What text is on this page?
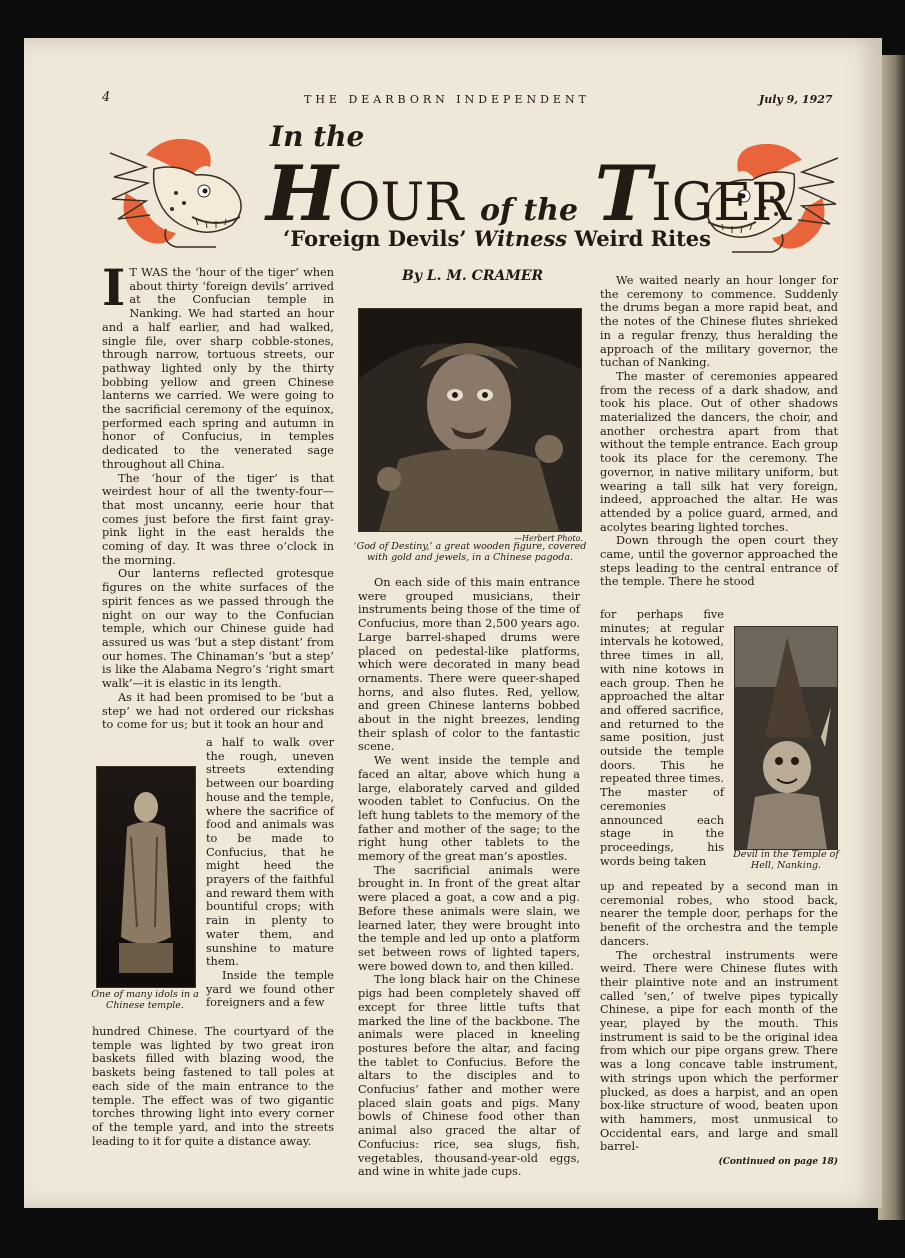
4	THE DEARBORN INDEPENDENT	July 9, 1927
In the
HOUR of the TIGER
‘Foreign Devils’ Witness Weird Rites
By L. M. CRAMER

I T WAS the ‘hour of the tiger’ when about thirty ‘foreign devils’ arrived at the Confucian temple in Nanking. We had started an hour and a half earlier, and had walked, single file, over sharp cobble-stones, through narrow, tortuous streets, our pathway lighted only by the thirty bobbing yellow and green Chinese lanterns we carried. We were going to the sacrificial ceremony of the equinox, performed each spring and autumn in honor of Confucius, in temples dedicated to the venerated sage throughout all China.

The ‘hour of the tiger’ is that weirdest hour of all the twenty-four—that most uncanny, eerie hour that comes just before the first faint gray-pink light in the east heralds the coming of day. It was three o’clock in the morning.

Our lanterns reflected grotesque figures on the white surfaces of the spirit fences as we passed through the night on our way to the Confucian temple, which our Chinese guide had assured us was ‘but a step distant’ from our homes. The Chinaman’s ‘but a step’ is like the Alabama Negro’s ‘right smart walk’—it is elastic in its length.

As it had been promised to be ‘but a step’ we had not ordered our rickshas to come for us; but it took an hour and

One of many idols in a Chinese temple.

a half to walk over the rough, uneven streets extending between our boarding house and the temple, where the sacrifice of food and animals was to be made to Confucius, that he might heed the prayers of the faithful and reward them with bountiful crops; with rain in plenty to water them, and sunshine to mature them.

Inside the temple yard we found other foreigners and a few

hundred Chinese. The courtyard of the temple was lighted by two great iron baskets filled with blazing wood, the baskets being fastened to tall poles at each side of the main entrance to the temple. The effect was of two gigantic torches throwing light into every corner of the temple yard, and into the streets leading to it for quite a distance away.

—Herbert Photo.
‘God of Destiny,’ a great wooden figure, covered with gold and jewels, in a Chinese pagoda.

On each side of this main entrance were grouped musicians, their instruments being those of the time of Confucius, more than 2,500 years ago. Large barrel-shaped drums were placed on pedestal-like platforms, which were decorated in many bead ornaments. There were queer-shaped horns, and also flutes. Red, yellow, and green Chinese lanterns bobbed about in the night breezes, lending their splash of color to the fantastic scene.

We went inside the temple and faced an altar, above which hung a large, elaborately carved and gilded wooden tablet to Confucius. On the left hung tablets to the memory of the father and mother of the sage; to the right hung other tablets to the memory of the great man’s apostles.

The sacrificial animals were brought in. In front of the great altar were placed a goat, a cow and a pig. Before these animals were slain, we learned later, they were brought into the temple and led up onto a platform set between rows of lighted tapers, were bowed down to, and then killed.

The long black hair on the Chinese pigs had been completely shaved off except for three little tufts that marked the line of the backbone. The animals were placed in kneeling postures before the altar, and facing the tablet to Confucius. Before the altars to the disciples and to Confucius’ father and mother were placed slain goats and pigs. Many bowls of Chinese food other than animal also graced the altar of Confucius: rice, sea slugs, fish, vegetables, thousand-year-old eggs, and wine in white jade cups.

We waited nearly an hour longer for the ceremony to commence. Suddenly the drums began a more rapid beat, and the notes of the Chinese flutes shrieked in a regular frenzy, thus heralding the approach of the military governor, the tuchan of Nanking.

The master of ceremonies appeared from the recess of a dark shadow, and took his place. Out of other shadows materialized the dancers, the choir, and another orchestra apart from that without the temple entrance. Each group took its place for the ceremony. The governor, in native military uniform, but wearing a tall silk hat very foreign, indeed, approached the altar. He was attended by a police guard, armed, and acolytes bearing lighted torches.

Down through the open court they came, until the governor approached the steps leading to the central entrance of the temple. There he stood

for perhaps five minutes; at regular intervals he kotowed, three times in all, with nine kotows in each group. Then he approached the altar and offered sacrifice, and returned to the same position, just outside the temple doors. This he repeated three times. The master of ceremonies announced each stage in the proceedings, his words being taken

Devil in the Temple of Hell, Nanking.

up and repeated by a second man in ceremonial robes, who stood back, nearer the temple door, perhaps for the benefit of the orchestra and the temple dancers.

The orchestral instruments were weird. There were Chinese flutes with their plaintive note and an instrument called ‘sen,’ of twelve pipes typically Chinese, a pipe for each month of the year, played by the mouth. This instrument is said to be the original idea from which our pipe organs grew. There was a long concave table instrument, with strings upon which the performer plucked, as does a harpist, and an open box-like structure of wood, beaten upon with hammers, most unmusical to Occidental ears, and large and small barrel-

(Continued on page 18)
